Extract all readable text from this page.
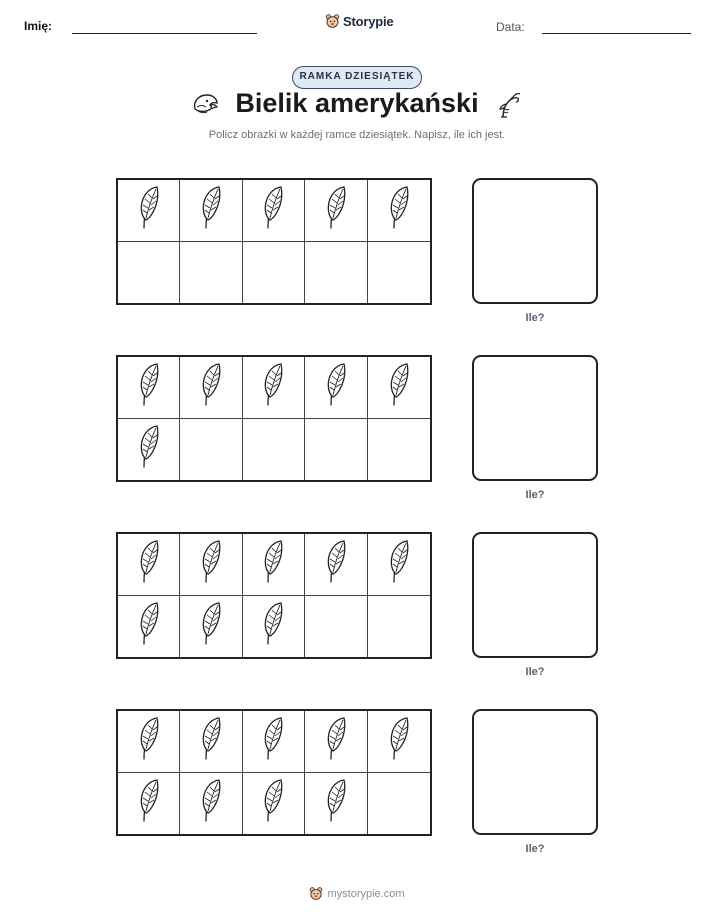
Imię:	Storypie	Data:
RAMKA DZIESIĄTEK
Bielik amerykański
Policz obrazki w każdej ramce dziesiątek. Napisz, ile ich jest.
Ile?
Ile?
Ile?
Ile?
mystorypie.com
